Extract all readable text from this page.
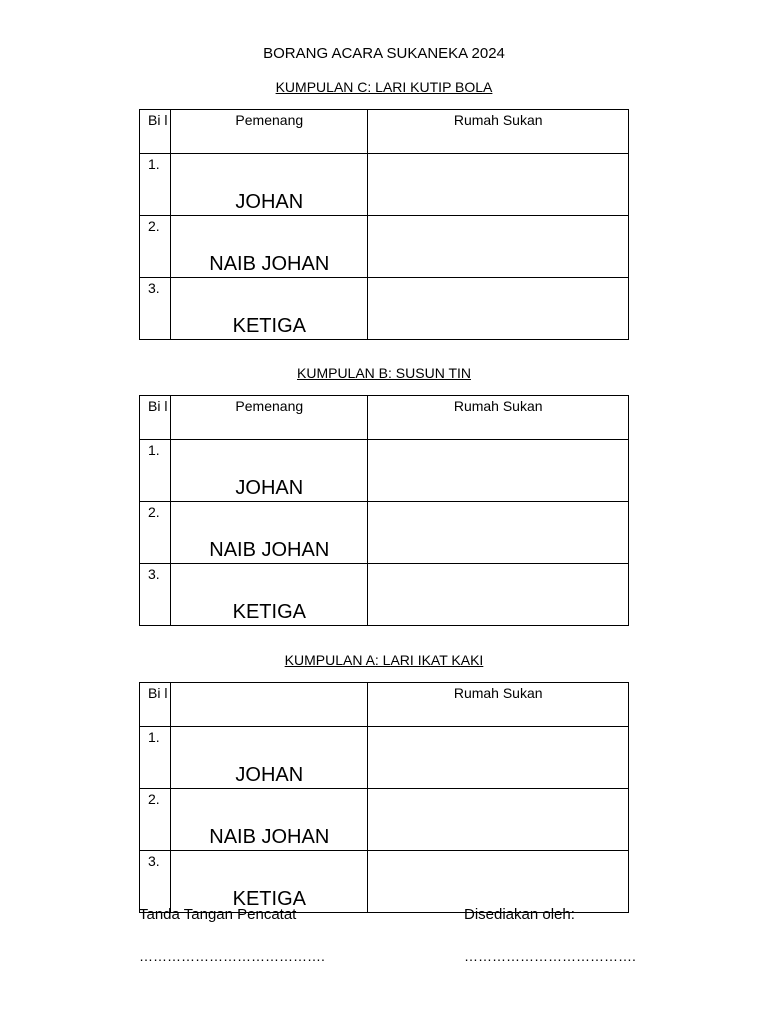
BORANG ACARA SUKANEKA 2024
KUMPULAN C: LARI KUTIP BOLA
Bi l	Pemenang	Rumah Sukan
1.	JOHAN	

2.	NAIB JOHAN	

3.	KETIGA	

KUMPULAN B: SUSUN TIN
Bi l	Pemenang	Rumah Sukan
1.	JOHAN	

2.	NAIB JOHAN	

3.	KETIGA	

KUMPULAN A: LARI IKAT KAKI
Bi l		Rumah Sukan
1.	JOHAN	

2.	NAIB JOHAN	

3.	KETIGA	

Tanda Tangan Pencatat	Disediakan oleh:
………………………………….	……………………………….
